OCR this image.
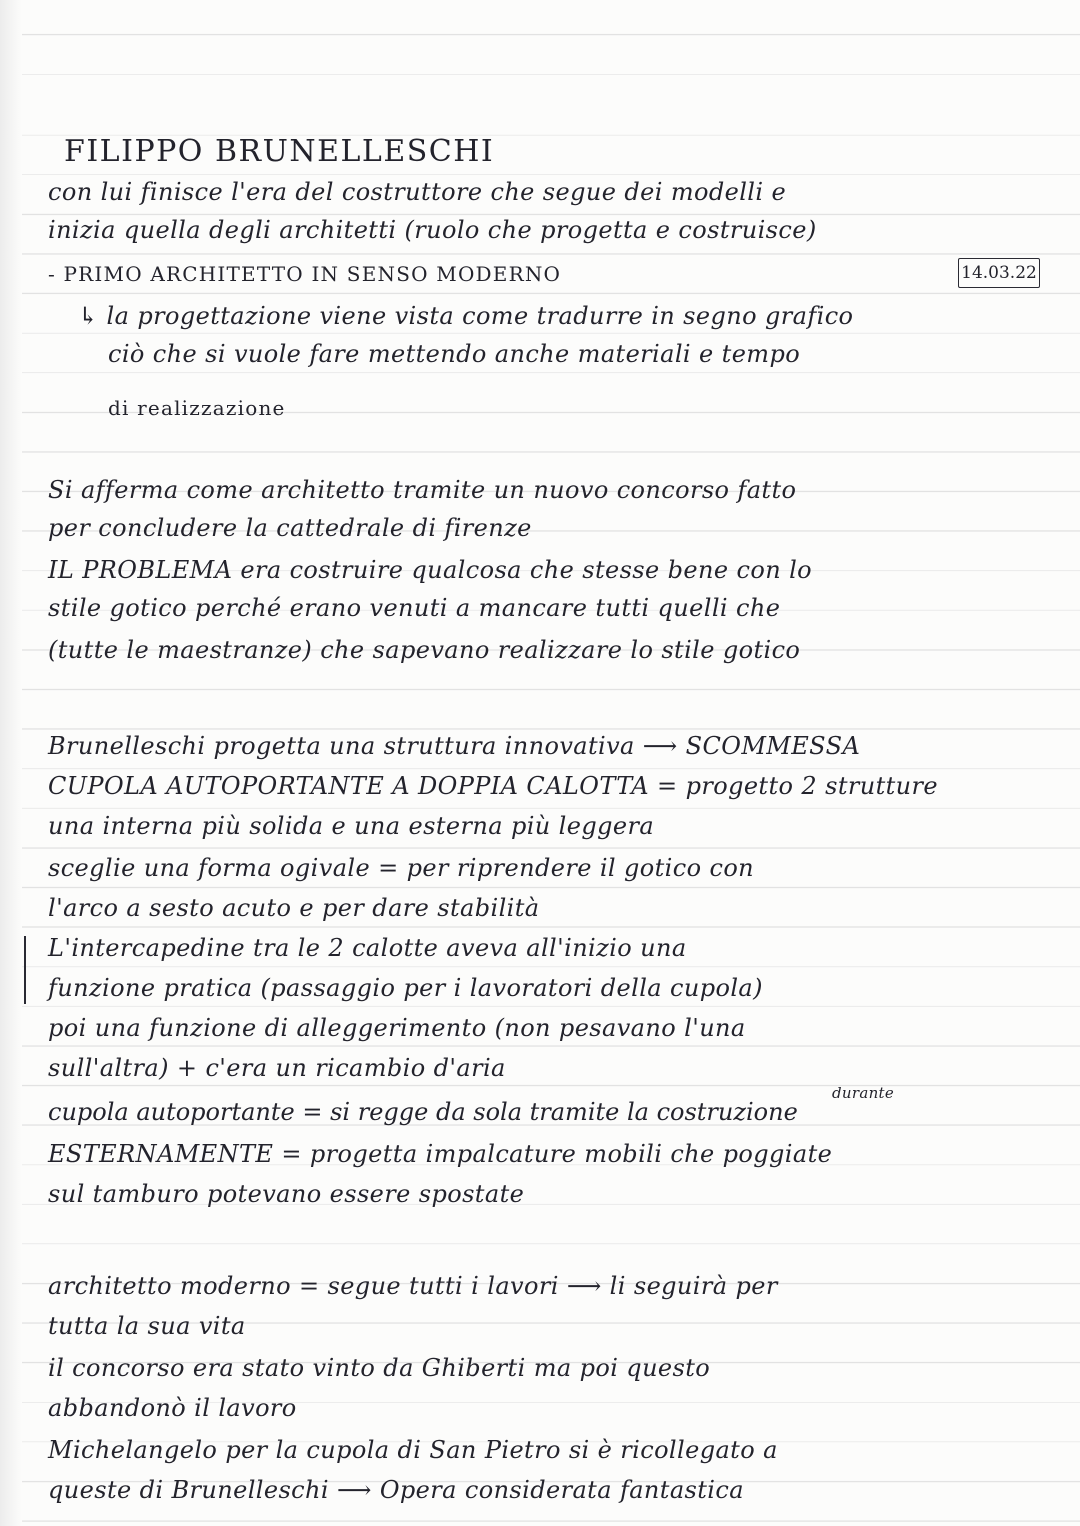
FILIPPO BRUNELLESCHI
con lui finisce l'era del costruttore che segue dei modelli e
inizia quella degli architetti (ruolo che progetta e costruisce)
- PRIMO ARCHITETTO IN SENSO MODERNO	14.03.22
↳ la progettazione viene vista come tradurre in segno grafico
ciò che si vuole fare mettendo anche materiali e tempo
di realizzazione
Si afferma come architetto tramite un nuovo concorso fatto
per concludere la cattedrale di firenze
IL PROBLEMA era costruire qualcosa che stesse bene con lo
stile gotico perché erano venuti a mancare tutti quelli che
(tutte le maestranze) che sapevano realizzare lo stile gotico
Brunelleschi progetta una struttura innovativa ⟶ SCOMMESSA
CUPOLA AUTOPORTANTE A DOPPIA CALOTTA = progetto 2 strutture
una interna più solida e una esterna più leggera
sceglie una forma ogivale = per riprendere il gotico con
l'arco a sesto acuto e per dare stabilità
L'intercapedine tra le 2 calotte aveva all'inizio una
funzione pratica (passaggio per i lavoratori della cupola)
poi una funzione di alleggerimento (non pesavano l'una
sull'altra) + c'era un ricambio d'aria
durante
cupola autoportante = si regge da sola tramite la costruzione
ESTERNAMENTE = progetta impalcature mobili che poggiate
sul tamburo potevano essere spostate
architetto moderno = segue tutti i lavori ⟶ li seguirà per
tutta la sua vita
il concorso era stato vinto da Ghiberti ma poi questo
abbandonò il lavoro
Michelangelo per la cupola di San Pietro si è ricollegato a
queste di Brunelleschi ⟶ Opera considerata fantastica
